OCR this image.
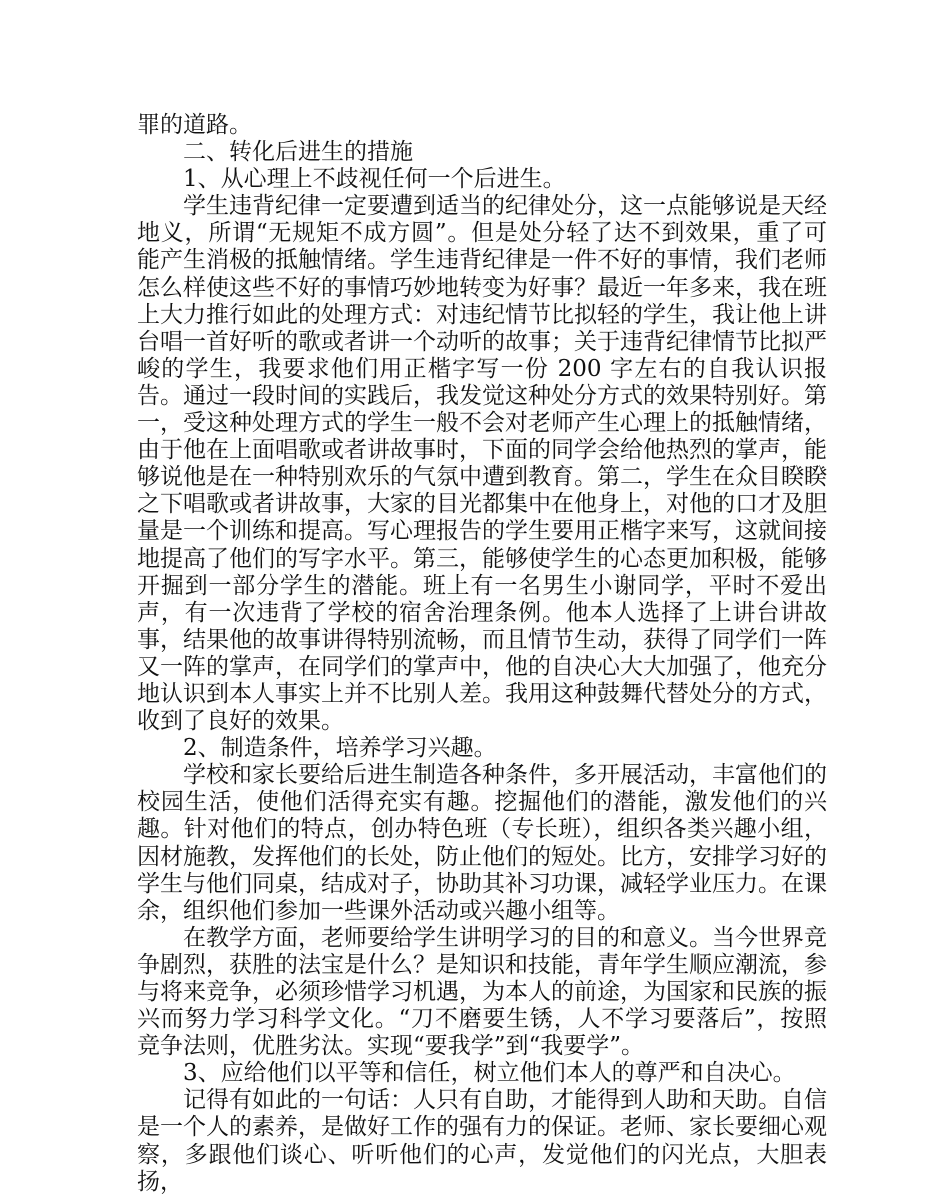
罪的道路。

二、转化后进生的措施

1、从心理上不歧视任何一个后进生。

学生违背纪律一定要遭到适当的纪律处分，这一点能够说是天经地义，所谓“无规矩不成方圆”。但是处分轻了达不到效果，重了可能产生消极的抵触情绪。学生违背纪律是一件不好的事情，我们老师怎么样使这些不好的事情巧妙地转变为好事？最近一年多来，我在班上大力推行如此的处理方式：对违纪情节比拟轻的学生，我让他上讲台唱一首好听的歌或者讲一个动听的故事；关于违背纪律情节比拟严峻的学生，我要求他们用正楷字写一份 200 字左右的自我认识报告。通过一段时间的实践后，我发觉这种处分方式的效果特别好。第一，受这种处理方式的学生一般不会对老师产生心理上的抵触情绪，由于他在上面唱歌或者讲故事时，下面的同学会给他热烈的掌声，能够说他是在一种特别欢乐的气氛中遭到教育。第二，学生在众目睽睽之下唱歌或者讲故事，大家的目光都集中在他身上，对他的口才及胆量是一个训练和提高。写心理报告的学生要用正楷字来写，这就间接地提高了他们的写字水平。第三，能够使学生的心态更加积极，能够开掘到一部分学生的潜能。班上有一名男生小谢同学，平时不爱出声，有一次违背了学校的宿舍治理条例。他本人选择了上讲台讲故事，结果他的故事讲得特别流畅，而且情节生动，获得了同学们一阵又一阵的掌声，在同学们的掌声中，他的自决心大大加强了，他充分地认识到本人事实上并不比别人差。我用这种鼓舞代替处分的方式，收到了良好的效果。

2、制造条件，培养学习兴趣。

学校和家长要给后进生制造各种条件，多开展活动，丰富他们的校园生活，使他们活得充实有趣。挖掘他们的潜能，激发他们的兴趣。针对他们的特点，创办特色班（专长班），组织各类兴趣小组，因材施教，发挥他们的长处，防止他们的短处。比方，安排学习好的学生与他们同桌，结成对子，协助其补习功课，减轻学业压力。在课余，组织他们参加一些课外活动或兴趣小组等。

在教学方面，老师要给学生讲明学习的目的和意义。当今世界竞争剧烈，获胜的法宝是什么？是知识和技能，青年学生顺应潮流，参与将来竞争，必须珍惜学习机遇，为本人的前途，为国家和民族的振兴而努力学习科学文化。“刀不磨要生锈，人不学习要落后”，按照竞争法则，优胜劣汰。实现“要我学”到“我要学”。

3、应给他们以平等和信任，树立他们本人的尊严和自决心。

记得有如此的一句话：人只有自助，才能得到人助和天助。自信是一个人的素养，是做好工作的强有力的保证。老师、家长要细心观察，多跟他们谈心、听听他们的心声，发觉他们的闪光点，大胆表扬，
